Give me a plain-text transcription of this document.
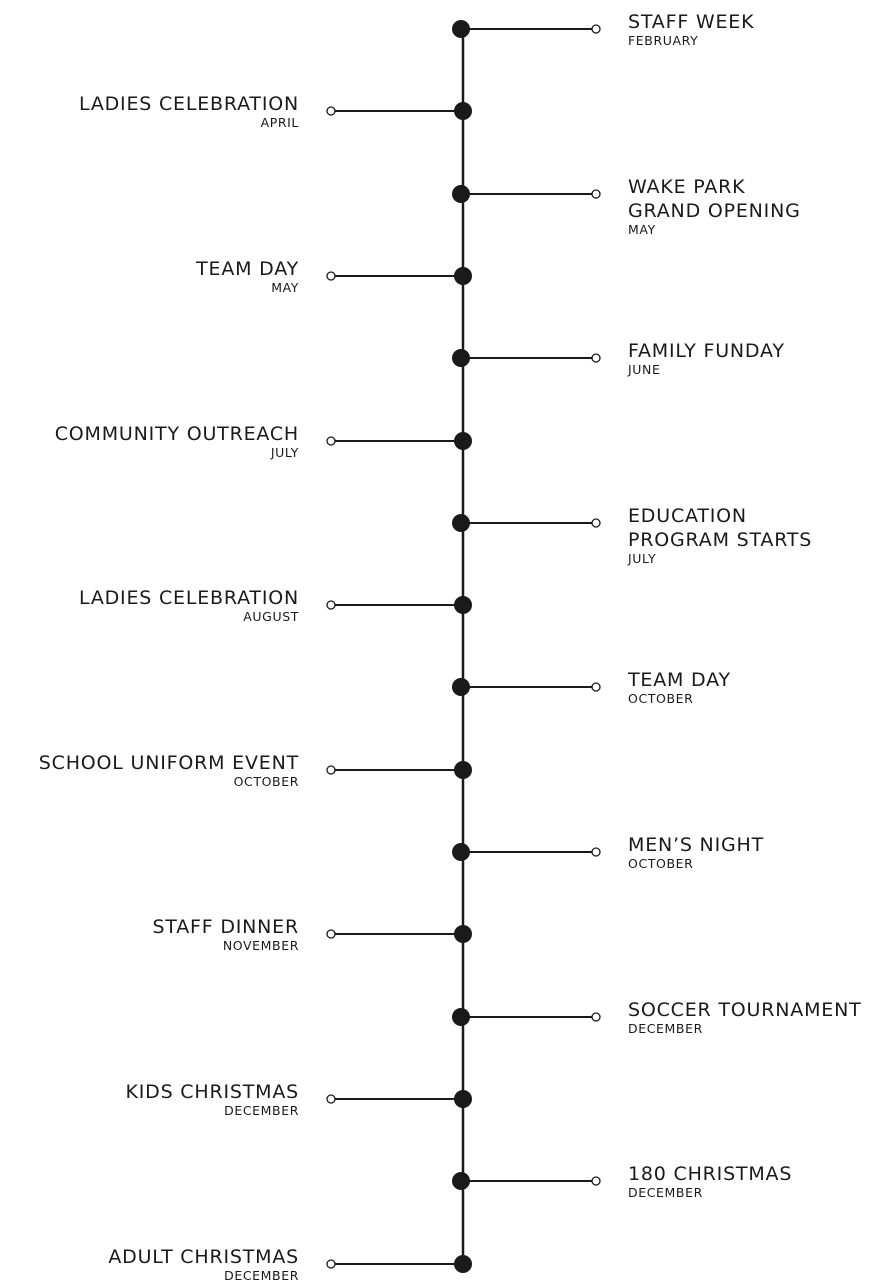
STAFF WEEK
FEBRUARY
LADIES CELEBRATION
APRIL
WAKE PARK
GRAND OPENING
MAY
TEAM DAY
MAY
FAMILY FUNDAY
JUNE
COMMUNITY OUTREACH
JULY
EDUCATION
PROGRAM STARTS
JULY
LADIES CELEBRATION
AUGUST
TEAM DAY
OCTOBER
SCHOOL UNIFORM EVENT
OCTOBER
MEN’S NIGHT
OCTOBER
STAFF DINNER
NOVEMBER
SOCCER TOURNAMENT
DECEMBER
KIDS CHRISTMAS
DECEMBER
180 CHRISTMAS
DECEMBER
ADULT CHRISTMAS
DECEMBER
